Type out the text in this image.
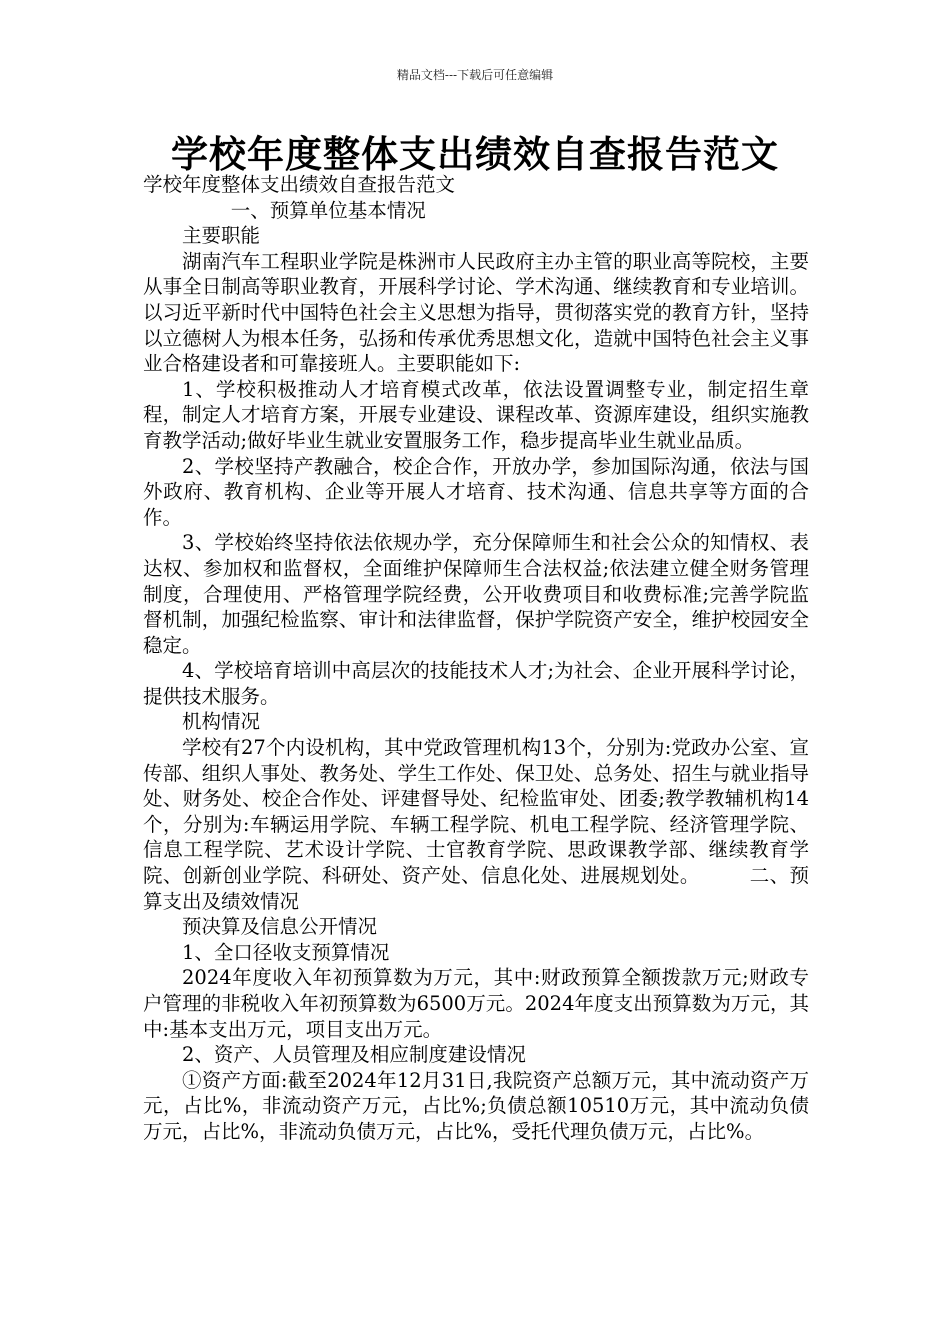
精品文档---下载后可任意编辑
学校年度整体支出绩效自查报告范文

学校年度整体支出绩效自查报告范文

一、预算单位基本情况

主要职能

湖南汽车工程职业学院是株洲市人民政府主办主管的职业高等院校，主要从事全日制高等职业教育，开展科学讨论、学术沟通、继续教育和专业培训。以习近平新时代中国特色社会主义思想为指导，贯彻落实党的教育方针，坚持以立德树人为根本任务，弘扬和传承优秀思想文化，造就中国特色社会主义事业合格建设者和可靠接班人。主要职能如下:

1、学校积极推动人才培育模式改革，依法设置调整专业，制定招生章程，制定人才培育方案，开展专业建设、课程改革、资源库建设，组织实施教育教学活动;做好毕业生就业安置服务工作，稳步提高毕业生就业品质。

2、学校坚持产教融合，校企合作，开放办学，参加国际沟通，依法与国外政府、教育机构、企业等开展人才培育、技术沟通、信息共享等方面的合作。

3、学校始终坚持依法依规办学，充分保障师生和社会公众的知情权、表达权、参加权和监督权，全面维护保障师生合法权益;依法建立健全财务管理制度，合理使用、严格管理学院经费，公开收费项目和收费标准;完善学院监督机制，加强纪检监察、审计和法律监督，保护学院资产安全，维护校园安全稳定。

4、学校培育培训中高层次的技能技术人才;为社会、企业开展科学讨论，提供技术服务。

机构情况

学校有27个内设机构，其中党政管理机构13个，分别为:党政办公室、宣传部、组织人事处、教务处、学生工作处、保卫处、总务处、招生与就业指导处、财务处、校企合作处、评建督导处、纪检监审处、团委;教学教辅机构14个，分别为:车辆运用学院、车辆工程学院、机电工程学院、经济管理学院、信息工程学院、艺术设计学院、士官教育学院、思政课教学部、继续教育学院、创新创业学院、科研处、资产处、信息化处、进展规划处。　　　二、预算支出及绩效情况

预决算及信息公开情况

1、全口径收支预算情况

2024年度收入年初预算数为万元，其中:财政预算全额拨款万元;财政专户管理的非税收入年初预算数为6500万元。2024年度支出预算数为万元，其中:基本支出万元，项目支出万元。

2、资产、人员管理及相应制度建设情况

①资产方面:截至2024年12月31日,我院资产总额万元，其中流动资产万元，占比%，非流动资产万元，占比%;负债总额10510万元，其中流动负债万元，占比%，非流动负债万元，占比%，受托代理负债万元，占比%。
